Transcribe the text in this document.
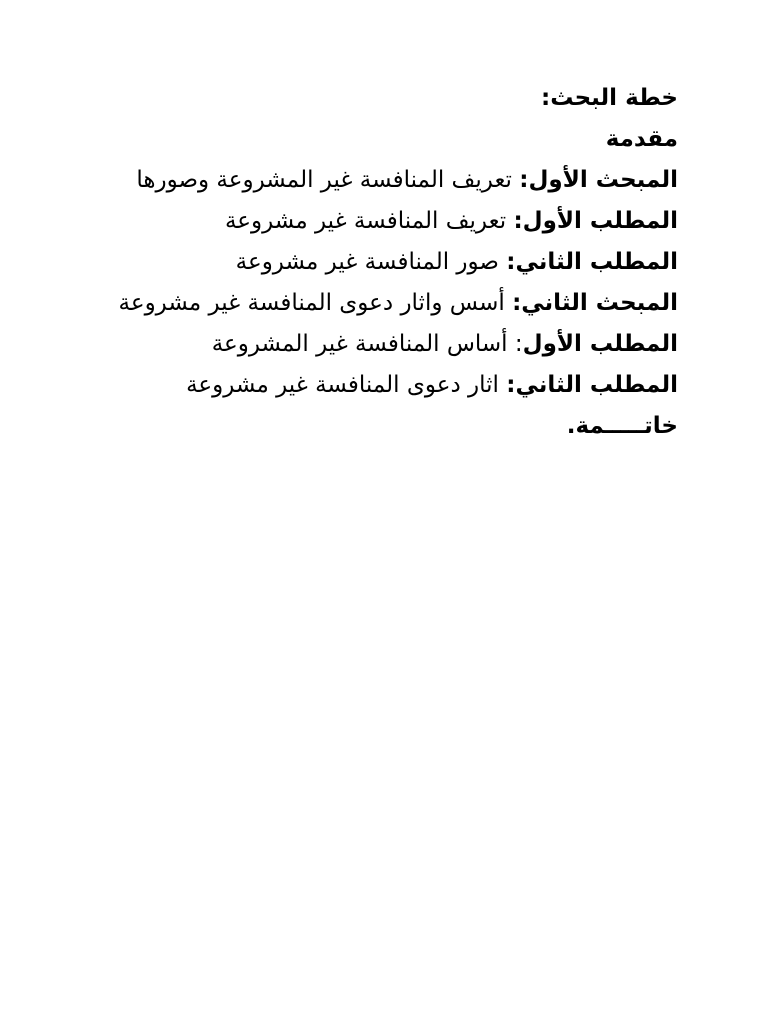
خطة البحث:

مقدمة

المبحث الأول: تعريف المنافسة غير المشروعة وصورها

المطلب الأول: تعريف المنافسة غير مشروعة

المطلب الثاني: صور المنافسة غير مشروعة

المبحث الثاني: أسس واثار دعوى المنافسة غير مشروعة

المطلب الأول: أساس المنافسة غير المشروعة

المطلب الثاني: اثار دعوى المنافسة غير مشروعة

خاتـــــمة.
